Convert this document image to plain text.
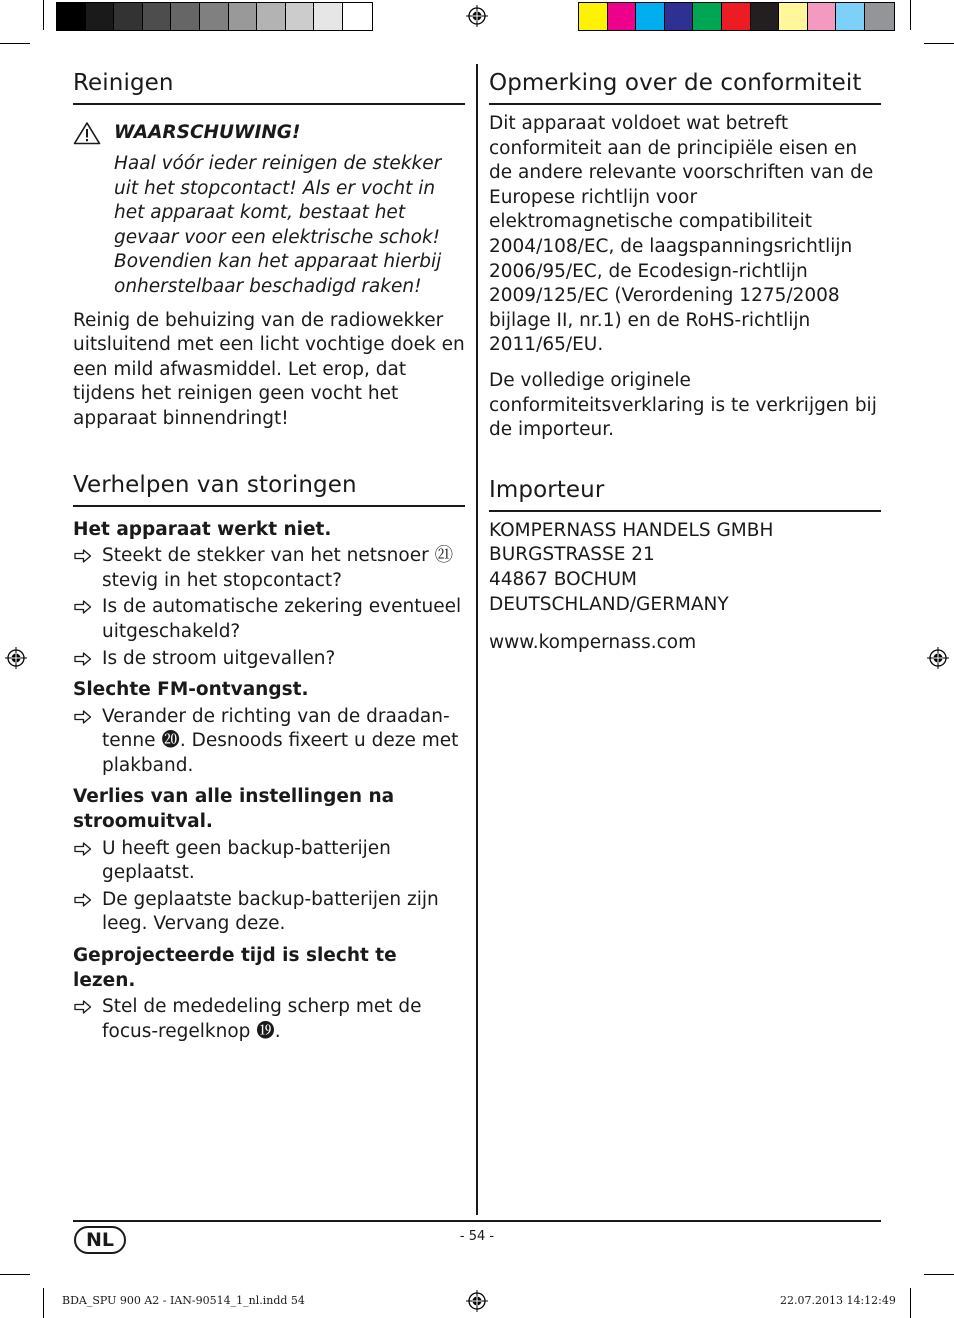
Reinigen
WAARSCHUWING!
Haal vóór ieder reinigen de stekker uit het stopcontact! Als er vocht in het apparaat komt, bestaat het gevaar voor een elektrische schok! Bovendien kan het apparaat hierbij onherstelbaar beschadigd raken!

Reinig de behuizing van de radiowekker uitsluitend met een licht vochtige doek en een mild afwasmiddel. Let erop, dat tijdens het reinigen geen vocht het apparaat binnendringt!

Verhelpen van storingen
Het apparaat werkt niet.
Steekt de stekker van het netsnoer ㉑ stevig in het stopcontact?
Is de automatische zekering eventueel uitgeschakeld?
Is de stroom uitgevallen?
Slechte FM-ontvangst.
Verander de richting van de draadantenne ⓴. Desnoods fixeert u deze met plakband.
Verlies van alle instellingen na stroomuitval.
U heeft geen backup-batterijen geplaatst.
De geplaatste backup-batterijen zijn leeg. Vervang deze.
Geprojecteerde tijd is slecht te lezen.
Stel de mededeling scherp met de focus-regelknop ⓳.
Opmerking over de conformiteit

Dit apparaat voldoet wat betreft conformiteit aan de principiële eisen en de andere relevante voorschriften van de Europese richtlijn voor elektromagnetische compatibiliteit 2004/108/EC, de laagspanningsrichtlijn 2006/95/EC, de Ecodesign-richtlijn 2009/125/EC (Verordening 1275/2008 bijlage II, nr.1) en de RoHS-richtlijn 2011/65/EU.

De volledige originele conformiteitsverklaring is te verkrijgen bij de importeur.

Importeur

KOMPERNASS HANDELS GMBH

BURGSTRASSE 21

44867 BOCHUM

DEUTSCHLAND/GERMANY

www.kompernass.com

NL	- 54 -
BDA_SPU 900 A2 - IAN-90514_1_nl.indd 54	22.07.2013 14:12:49
